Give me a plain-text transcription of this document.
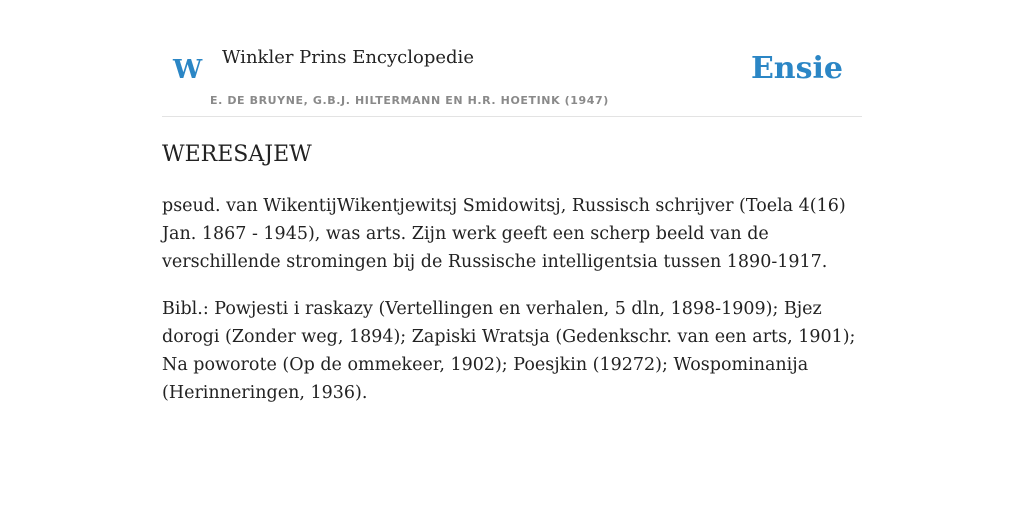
W Winkler Prins Encyclopedie
E. DE BRUYNE, G.B.J. HILTERMANN EN H.R. HOETINK (1947)
Ensie
WERESAJEW

pseud. van WikentijWikentjewitsj Smidowitsj, Russisch schrijver (Toela 4(16) Jan. 1867 - 1945), was arts. Zijn werk geeft een scherp beeld van de verschillende stromingen bij de Russische intelligentsia tussen 1890-1917.

Bibl.: Powjesti i raskazy (Vertellingen en verhalen, 5 dln, 1898-1909); Bjez dorogi (Zonder weg, 1894); Zapiski Wratsja (Gedenkschr. van een arts, 1901); Na poworote (Op de ommekeer, 1902); Poesjkin (19272); Wospominanija (Herinneringen, 1936).
